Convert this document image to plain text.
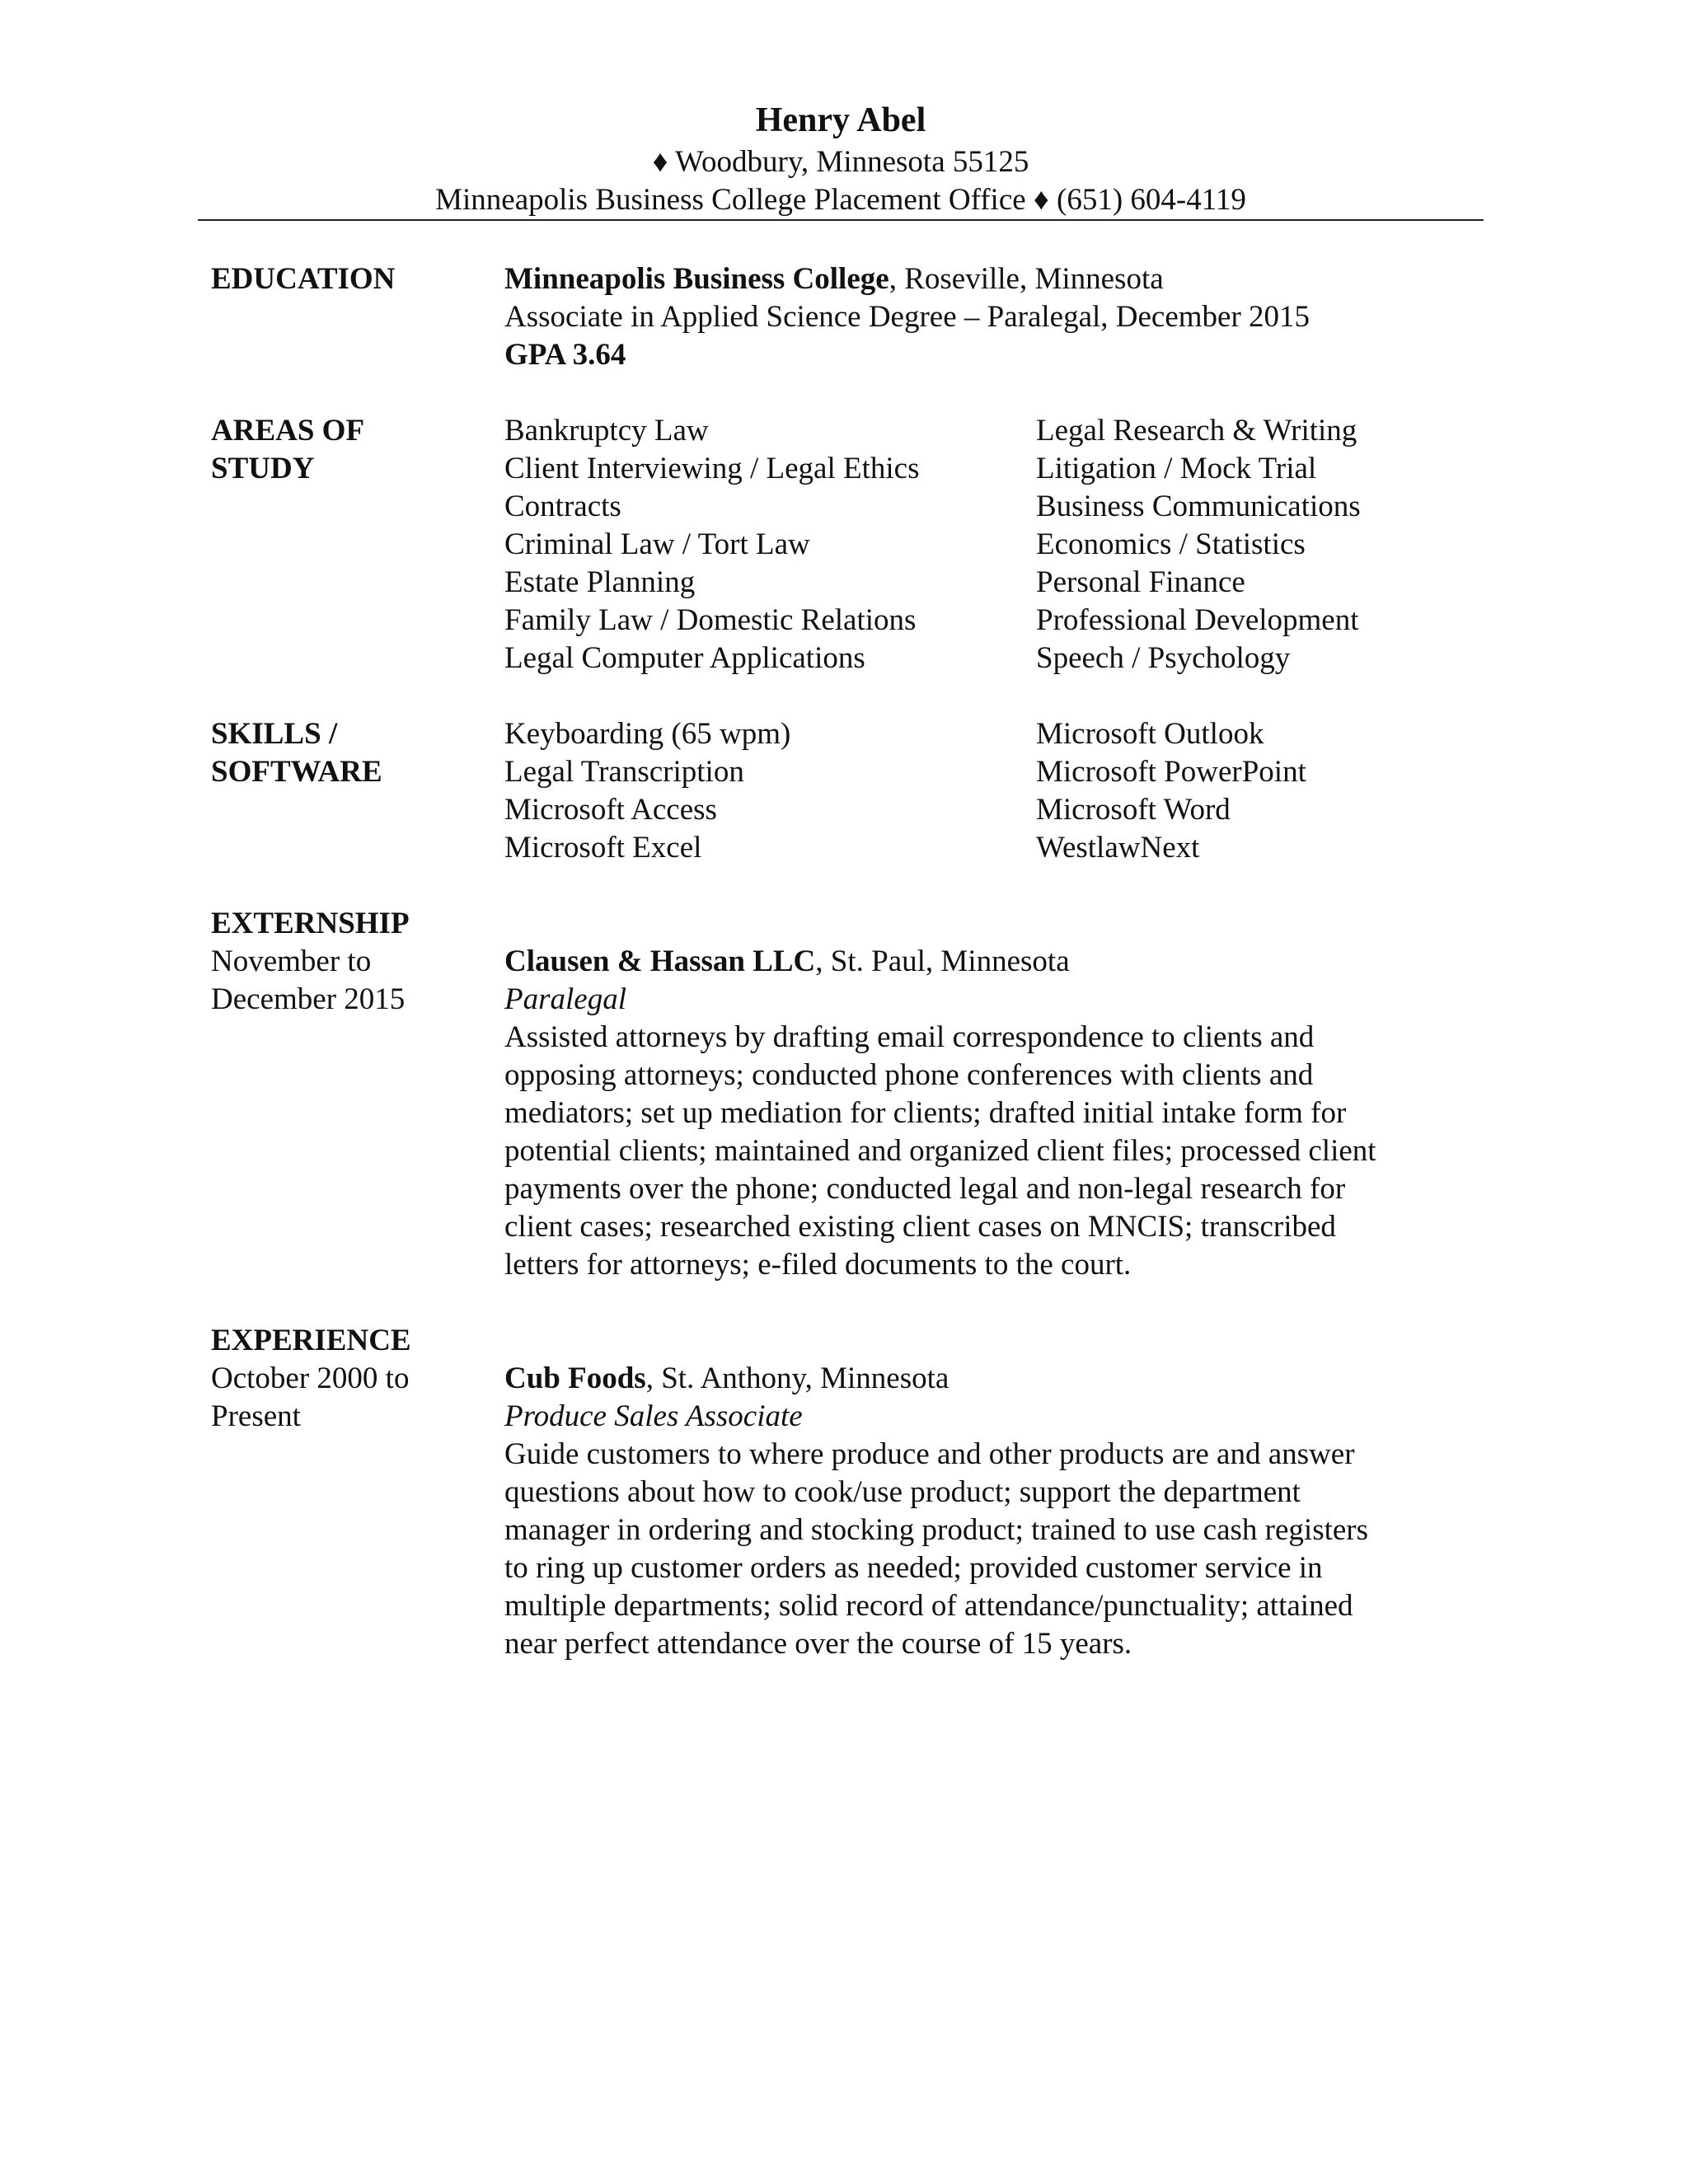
Henry Abel
♦ Woodbury, Minnesota 55125
Minneapolis Business College Placement Office ♦ (651) 604-4119
EDUCATION	Minneapolis Business College, Roseville, Minnesota
Associate in Applied Science Degree – Paralegal, December 2015
GPA 3.64
AREAS OF
STUDY
Bankruptcy Law
Client Interviewing / Legal Ethics
Contracts
Criminal Law / Tort Law
Estate Planning
Family Law / Domestic Relations
Legal Computer Applications
Legal Research & Writing
Litigation / Mock Trial
Business Communications
Economics / Statistics
Personal Finance
Professional Development
Speech / Psychology
SKILLS /
SOFTWARE
Keyboarding (65 wpm)
Legal Transcription
Microsoft Access
Microsoft Excel
Microsoft Outlook
Microsoft PowerPoint
Microsoft Word
WestlawNext
EXTERNSHIP
November to
December 2015
Clausen & Hassan LLC, St. Paul, Minnesota
Paralegal
Assisted attorneys by drafting email correspondence to clients and
opposing attorneys; conducted phone conferences with clients and
mediators; set up mediation for clients; drafted initial intake form for
potential clients; maintained and organized client files; processed client
payments over the phone; conducted legal and non-legal research for
client cases; researched existing client cases on MNCIS; transcribed
letters for attorneys; e-filed documents to the court.
EXPERIENCE
October 2000 to
Present
Cub Foods, St. Anthony, Minnesota
Produce Sales Associate
Guide customers to where produce and other products are and answer
questions about how to cook/use product; support the department
manager in ordering and stocking product; trained to use cash registers
to ring up customer orders as needed; provided customer service in
multiple departments; solid record of attendance/punctuality; attained
near perfect attendance over the course of 15 years.
